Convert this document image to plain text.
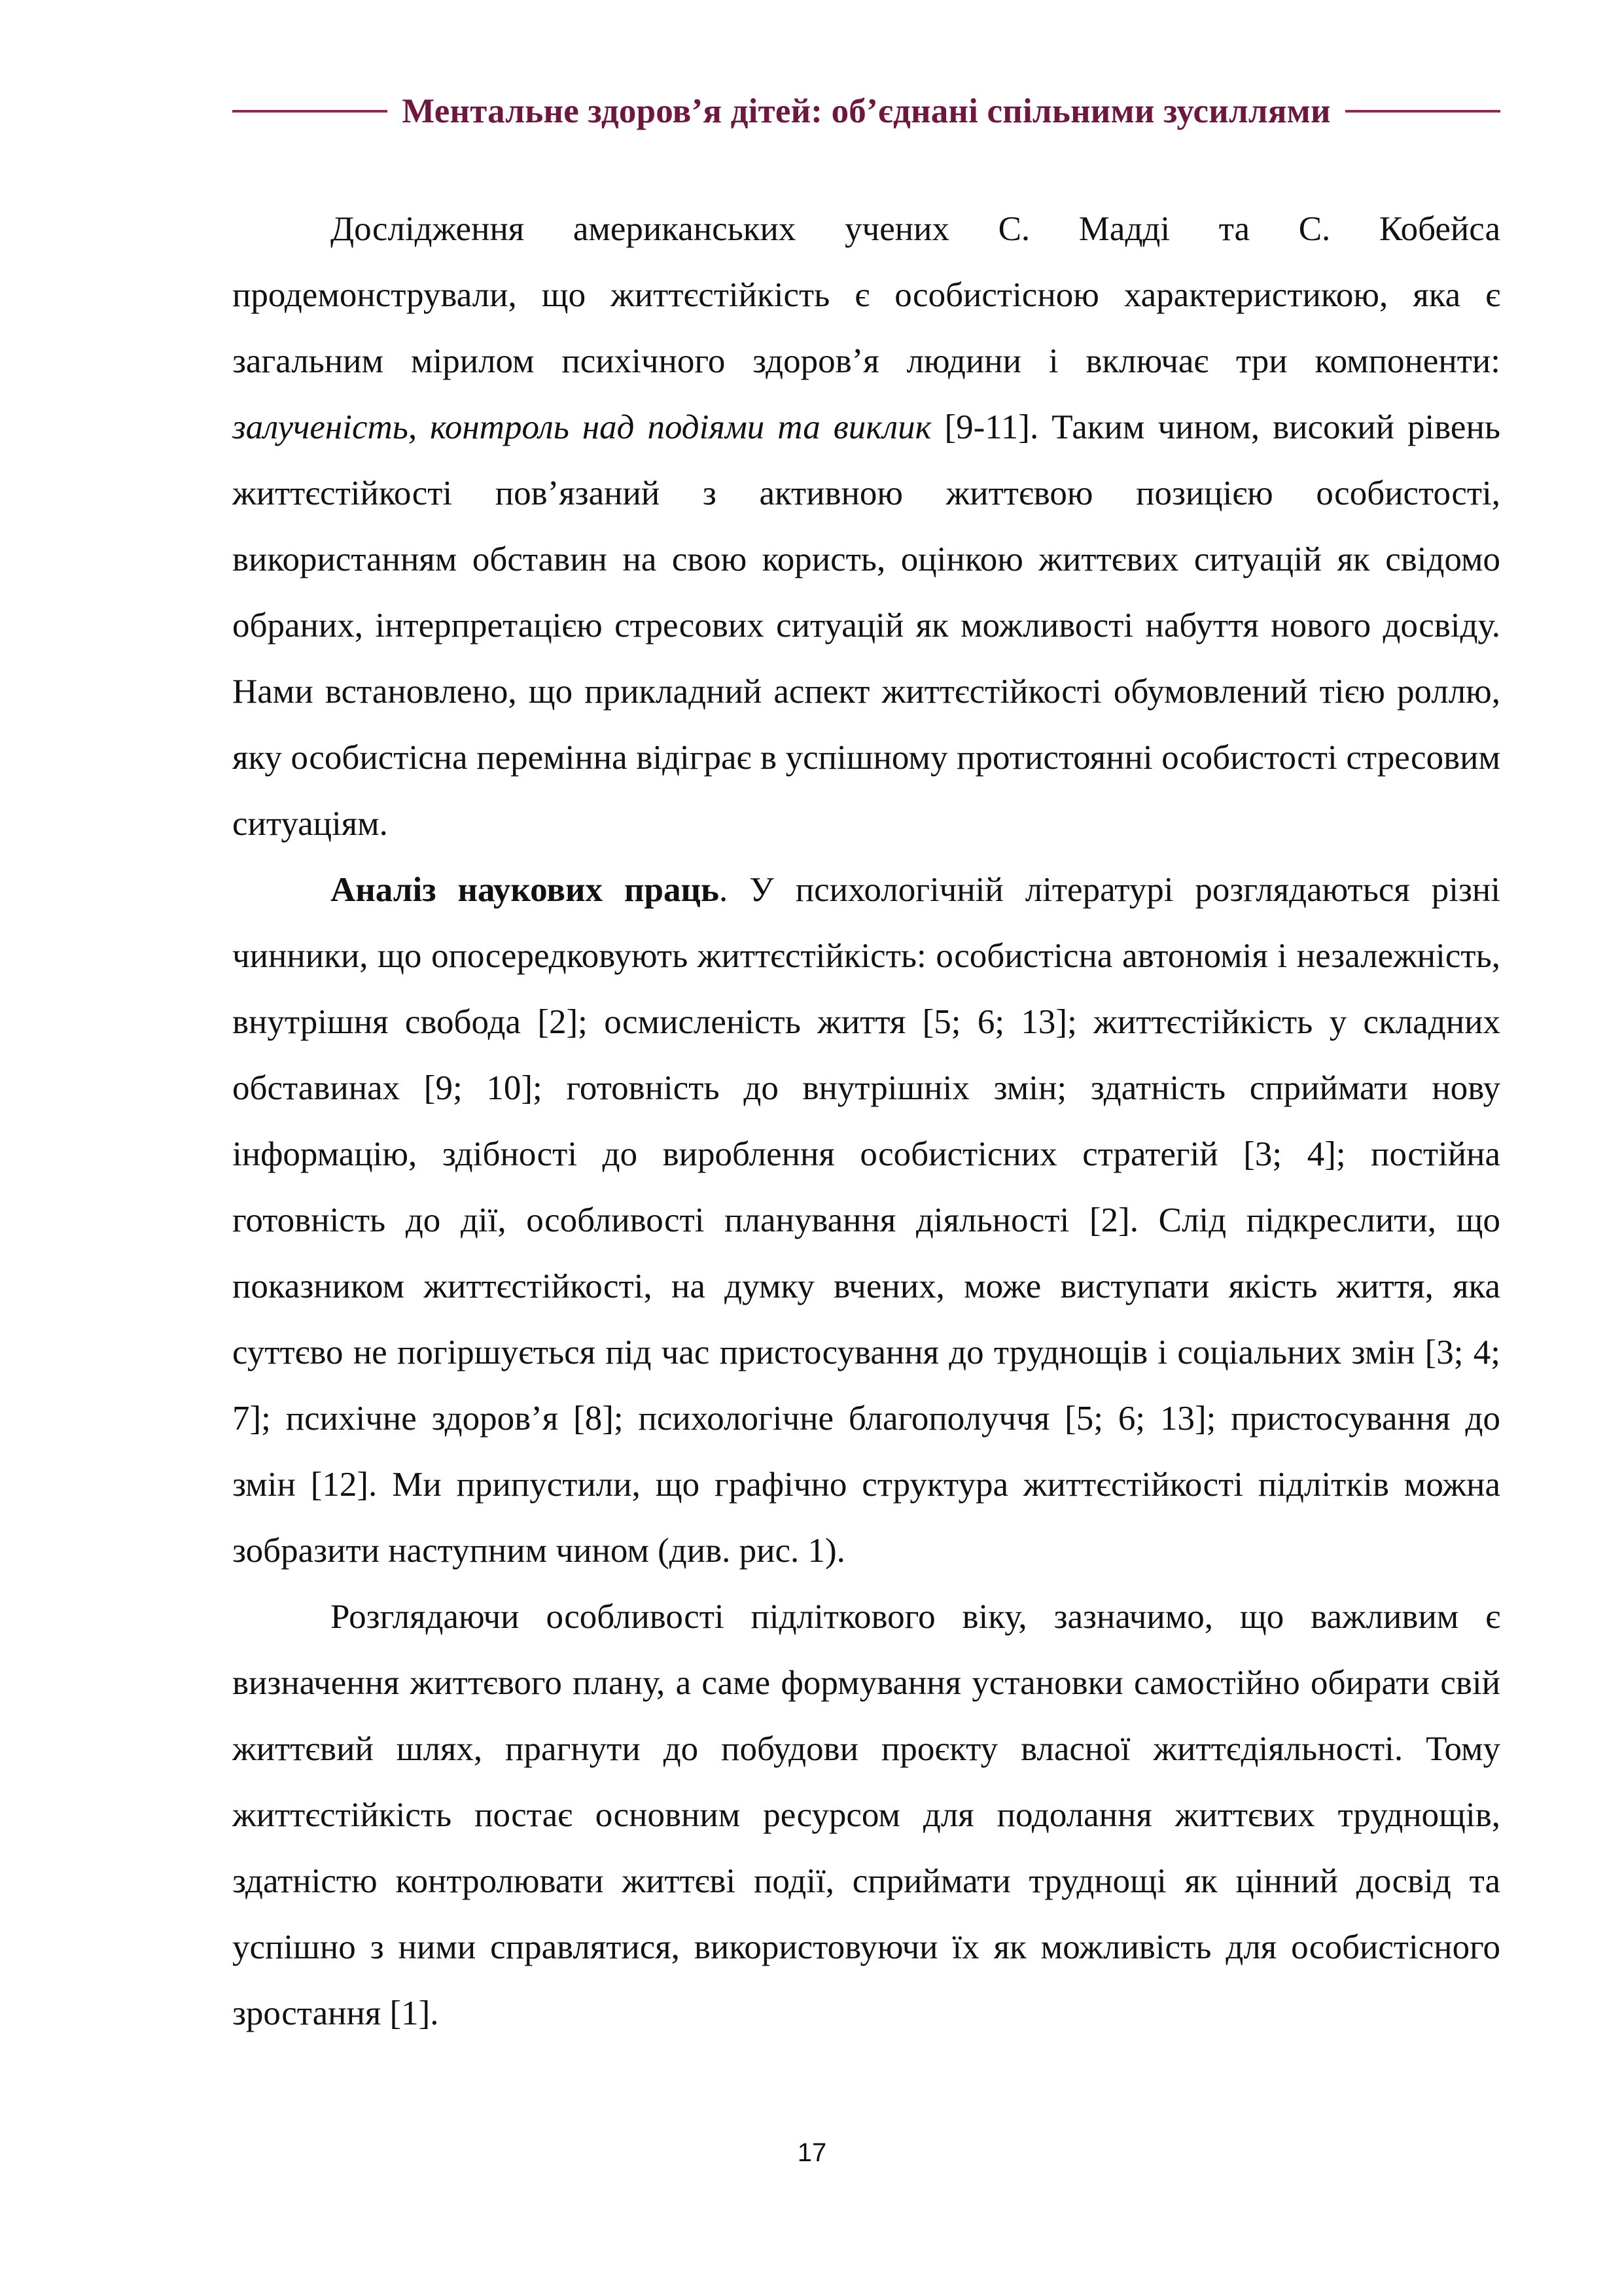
Ментальне здоров’я дітей: об’єднані спільними зусиллями

Дослідження американських учених С. Мадді та С. Кобейса продемонстрували, що життєстійкість є особистісною характеристикою, яка є загальним мірилом психічного здоров’я людини і включає три компоненти: залученість, контроль над подіями та виклик [9-11]. Таким чином, високий рівень життєстійкості пов’язаний з активною життєвою позицією особистості, використанням обставин на свою користь, оцінкою життєвих ситуацій як свідомо обраних, інтерпретацією стресових ситуацій як можливості набуття нового досвіду. Нами встановлено, що прикладний аспект життєстійкості обумовлений тією роллю, яку особистісна перемінна відіграє в успішному протистоянні особистості стресовим ситуаціям.

Аналіз наукових праць. У психологічній літературі розглядаються різні чинники, що опосередковують життєстійкість: особистісна автономія і незалежність, внутрішня свобода [2]; осмисленість життя [5; 6; 13]; життєстійкість у складних обставинах [9; 10]; готовність до внутрішніх змін; здатність сприймати нову інформацію, здібності до вироблення особистісних стратегій [3; 4]; постійна готовність до дії, особливості планування діяльності [2]. Слід підкреслити, що показником життєстійкості, на думку вчених, може виступати якість життя, яка суттєво не погіршується під час пристосування до труднощів і соціальних змін [3; 4; 7]; психічне здоров’я [8]; психологічне благополуччя [5; 6; 13]; пристосування до змін [12]. Ми припустили, що графічно структура життєстійкості підлітків можна зобразити наступним чином (див. рис. 1).

Розглядаючи особливості підліткового віку, зазначимо, що важливим є визначення життєвого плану, а саме формування установки самостійно обирати свій життєвий шлях, прагнути до побудови проєкту власної життєдіяльності. Тому життєстійкість постає основним ресурсом для подолання життєвих труднощів, здатністю контролювати життєві події, сприймати труднощі як цінний досвід та успішно з ними справлятися, використовуючи їх як можливість для особистісного зростання [1].

17
